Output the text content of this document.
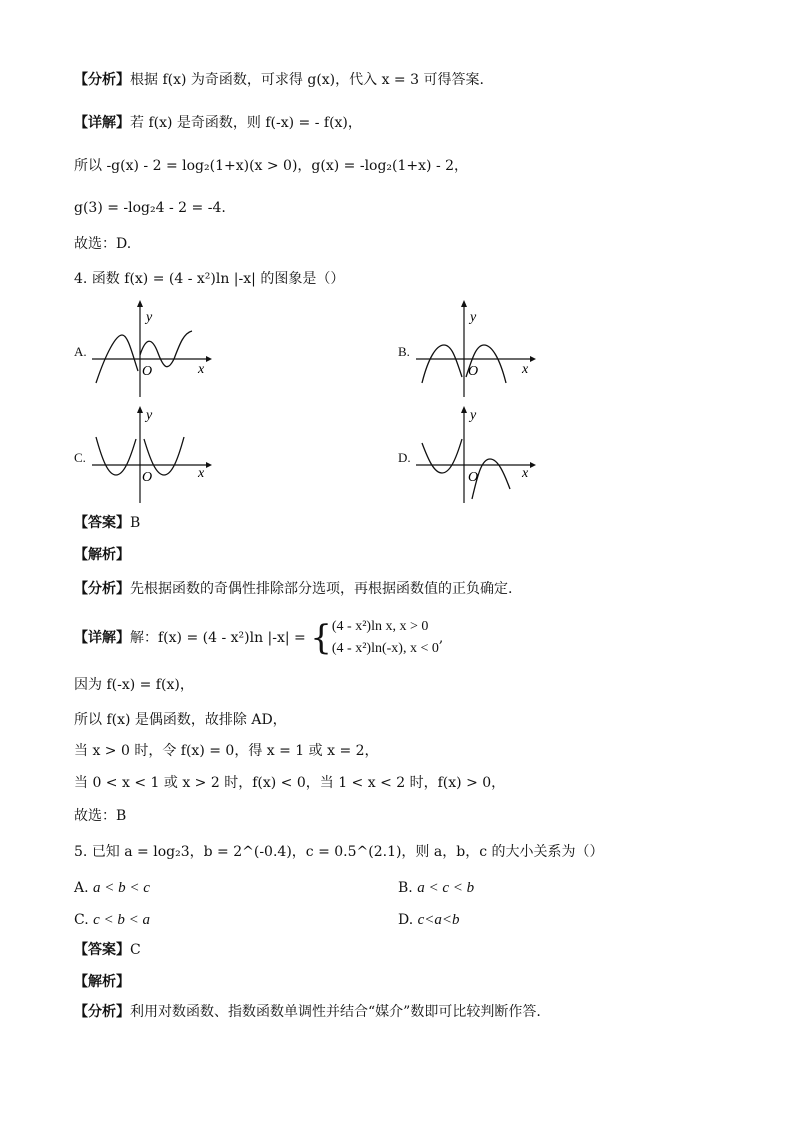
【分析】根据 f(x) 为奇函数，可求得 g(x)，代入 x = 3 可得答案.
【详解】若 f(x) 是奇函数，则 f(-x) = - f(x)，
所以 -g(x) - 2 = log₂(1+x)(x > 0)，g(x) = -log₂(1+x) - 2，
g(3) = -log₂4 - 2 = -4.
故选：D.
4. 函数 f(x) = (4 - x²)ln |-x| 的图象是（）
A.
y
x
O
B.
y
x
O
C.
y
x
O
D.
y
x
O
【答案】B
【解析】
【分析】先根据函数的奇偶性排除部分选项，再根据函数值的正负确定.
【详解】解：f(x) = (4 - x²)ln |-x| = { (4 - x²)ln x, x > 0
(4 - x²)ln(-x), x < 0
,
因为 f(-x) = f(x)，
所以 f(x) 是偶函数，故排除 AD，
当 x > 0 时，令 f(x) = 0，得 x = 1 或 x = 2，
当 0 < x < 1 或 x > 2 时，f(x) < 0，当 1 < x < 2 时，f(x) > 0，
故选：B
5. 已知 a = log₂3，b = 2^(-0.4)，c = 0.5^(2.1)，则 a，b，c 的大小关系为（）
A. a < b < c	B. a < c < b
C. c < b < a	D. c<a<b
【答案】C
【解析】
【分析】利用对数函数、指数函数单调性并结合“媒介”数即可比较判断作答.
